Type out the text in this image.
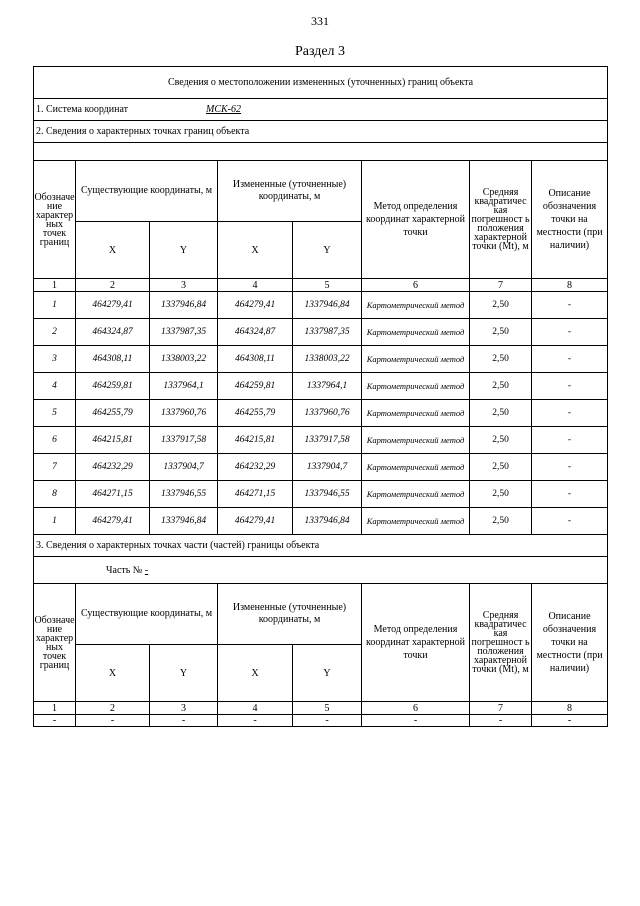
331
Раздел 3
Сведения о местоположении измененных (уточненных) границ объекта							
1. Система координат МСК-62							
2. Сведения о характерных точках границ объекта							

Обозначе ние характер ных точек границ	Существующие координаты, м		Измененные (уточненные) координаты, м		Метод определения координат характерной точки	Средняя квадратичес кая погрешност ь положения характерной точки (Mt), м	Описание обозначения точки на местности (при наличии)
	X	Y	X	Y			
1	2	3	4	5	6	7	8
1	464279,41	1337946,84	464279,41	1337946,84	Картометрический метод	2,50	-
2	464324,87	1337987,35	464324,87	1337987,35	Картометрический метод	2,50	-
3	464308,11	1338003,22	464308,11	1338003,22	Картометрический метод	2,50	-
4	464259,81	1337964,1	464259,81	1337964,1	Картометрический метод	2,50	-
5	464255,79	1337960,76	464255,79	1337960,76	Картометрический метод	2,50	-
6	464215,81	1337917,58	464215,81	1337917,58	Картометрический метод	2,50	-
7	464232,29	1337904,7	464232,29	1337904,7	Картометрический метод	2,50	-
8	464271,15	1337946,55	464271,15	1337946,55	Картометрический метод	2,50	-
1	464279,41	1337946,84	464279,41	1337946,84	Картометрический метод	2,50	-
3. Сведения о характерных точках части (частей) границы объекта							
Часть № -							
Обозначе ние характер ных точек границ	Существующие координаты, м		Измененные (уточненные) координаты, м		Метод определения координат характерной точки	Средняя квадратичес кая погрешност ь положения характерной точки (Mt), м	Описание обозначения точки на местности (при наличии)
	X	Y	X	Y			
1	2	3	4	5	6	7	8
-	-	-	-	-	-	-	-
